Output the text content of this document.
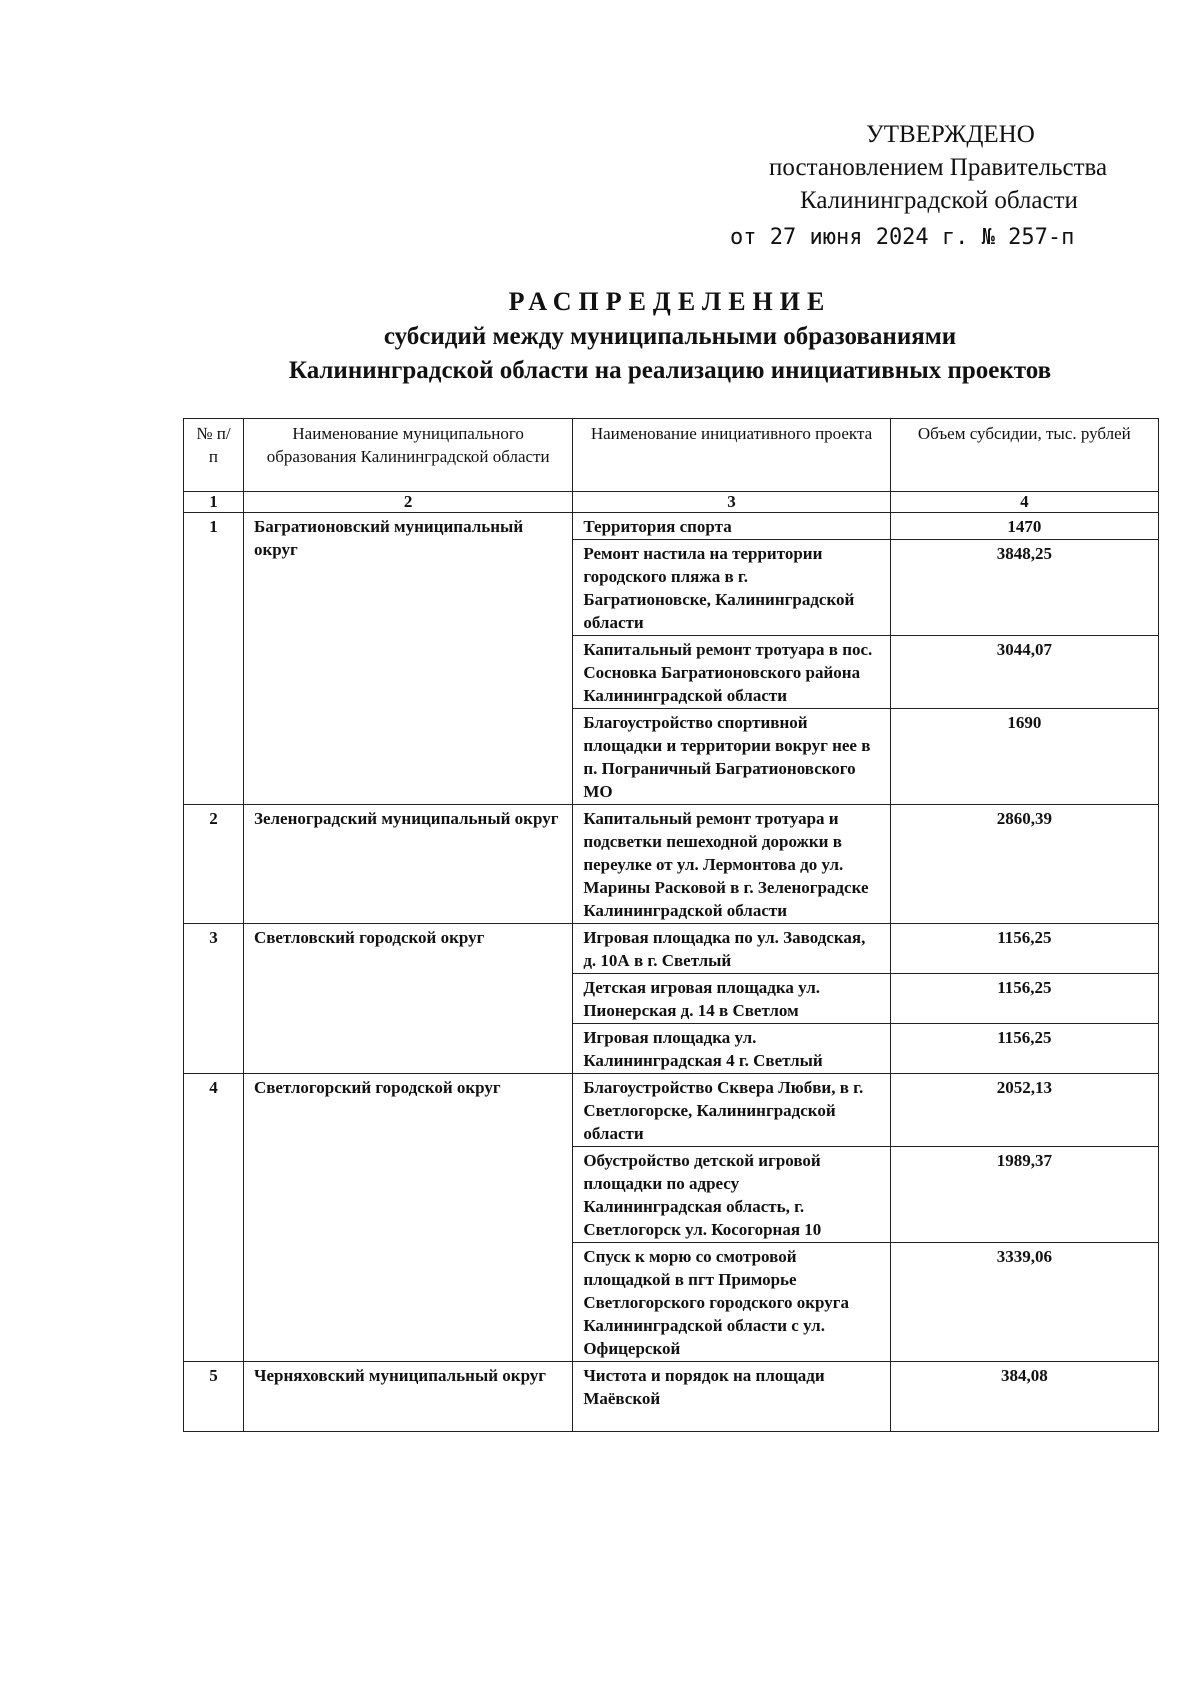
УТВЕРЖДЕНО
постановлением Правительства
Калининградской области
от 27 июня 2024 г. № 257-п
РАСПРЕДЕЛЕНИЕ
субсидий между муниципальными образованиями
Калининградской области на реализацию инициативных проектов
№ п/п	Наименование муниципального образования Калининградской области	Наименование инициативного проекта	Объем субсидии, тыс. рублей
1	2	3	4
1	Багратионовский муниципальный округ	Территория спорта	1470
		Ремонт настила на территории городского пляжа в г. Багратионовске, Калининградской области	3848,25
		Капитальный ремонт тротуара в пос. Сосновка Багратионовского района Калининградской области	3044,07
		Благоустройство спортивной площадки и территории вокруг нее в п. Пограничный Багратионовского МО	1690
2	Зеленоградский муниципальный округ	Капитальный ремонт тротуара и подсветки пешеходной дорожки в переулке от ул. Лермонтова до ул. Марины Расковой в г. Зеленоградске Калининградской области	2860,39
3	Светловский городской округ	Игровая площадка по ул. Заводская, д. 10А в г. Светлый	1156,25
		Детская игровая площадка ул. Пионерская д. 14 в Светлом	1156,25
		Игровая площадка ул. Калининградская 4 г. Светлый	1156,25
4	Светлогорский городской округ	Благоустройство Сквера Любви, в г. Светлогорске, Калининградской области	2052,13
		Обустройство детской игровой площадки по адресу Калининградская область, г. Светлогорск ул. Косогорная 10	1989,37
		Спуск к морю со смотровой площадкой в пгт Приморье Светлогорского городского округа Калининградской области с ул. Офицерской	3339,06
5	Черняховский муниципальный округ	Чистота и порядок на площади Маёвской	384,08
